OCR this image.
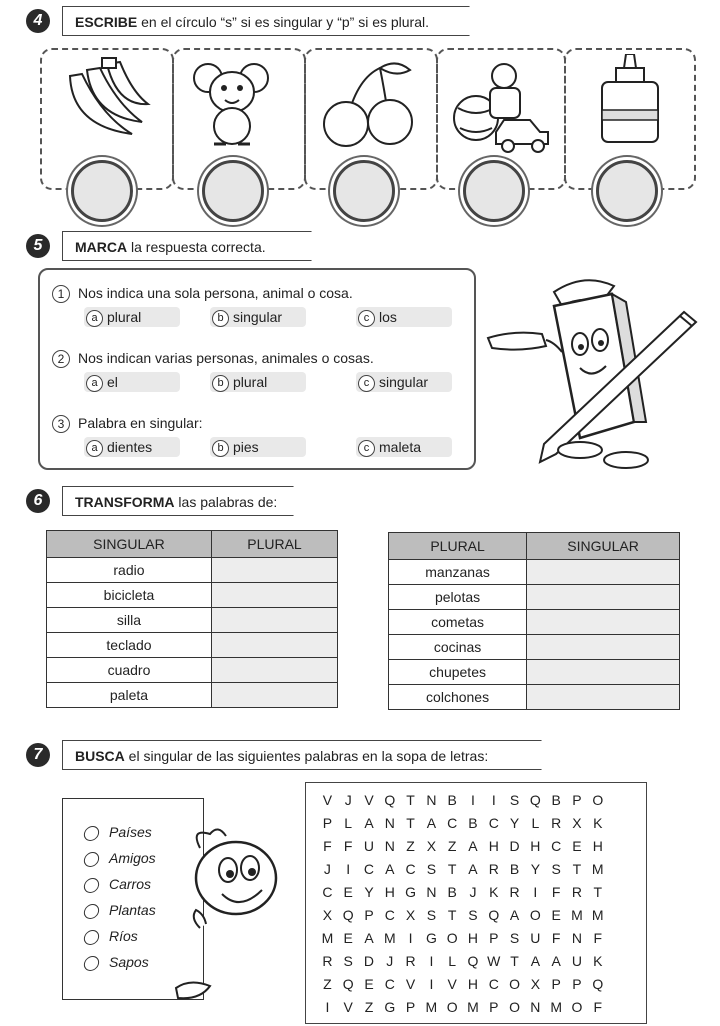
4	ESCRIBE en el círculo “s” si es singular y “p” si es plural.
5	MARCA la respuesta correcta.
1 Nos indica una sola persona, animal o cosa.
a plural	b singular	c los
2 Nos indican varias personas, animales o cosas.
a el	b plural	c singular
3 Palabra en singular:
a dientes	b pies	c maleta
6	TRANSFORMA las palabras de:
SINGULAR	PLURAL
radio	
bicicleta	
silla	
teclado	
cuadro	
paleta	
PLURAL	SINGULAR
manzanas	
pelotas	
cometas	
cocinas	
chupetes	
colchones	
7	BUSCA el singular de las siguientes palabras en la sopa de letras:
Países
Amigos
Carros
Plantas
Ríos
Sapos
V J V Q T N B I I S Q B P O
P L A N T A C B C Y L R X K
F F U N Z X Z A H D H C E H
J I C A C S T A R B Y S T M
C E Y H G N B J K R I F R T
X Q P C X S T S Q A O E M M
M E A M I G O H P S U F N F
R S D J R I L Q W T A A U K
Z Q E C V I V H C O X P P Q
I V Z G P M O M P O N M O F
